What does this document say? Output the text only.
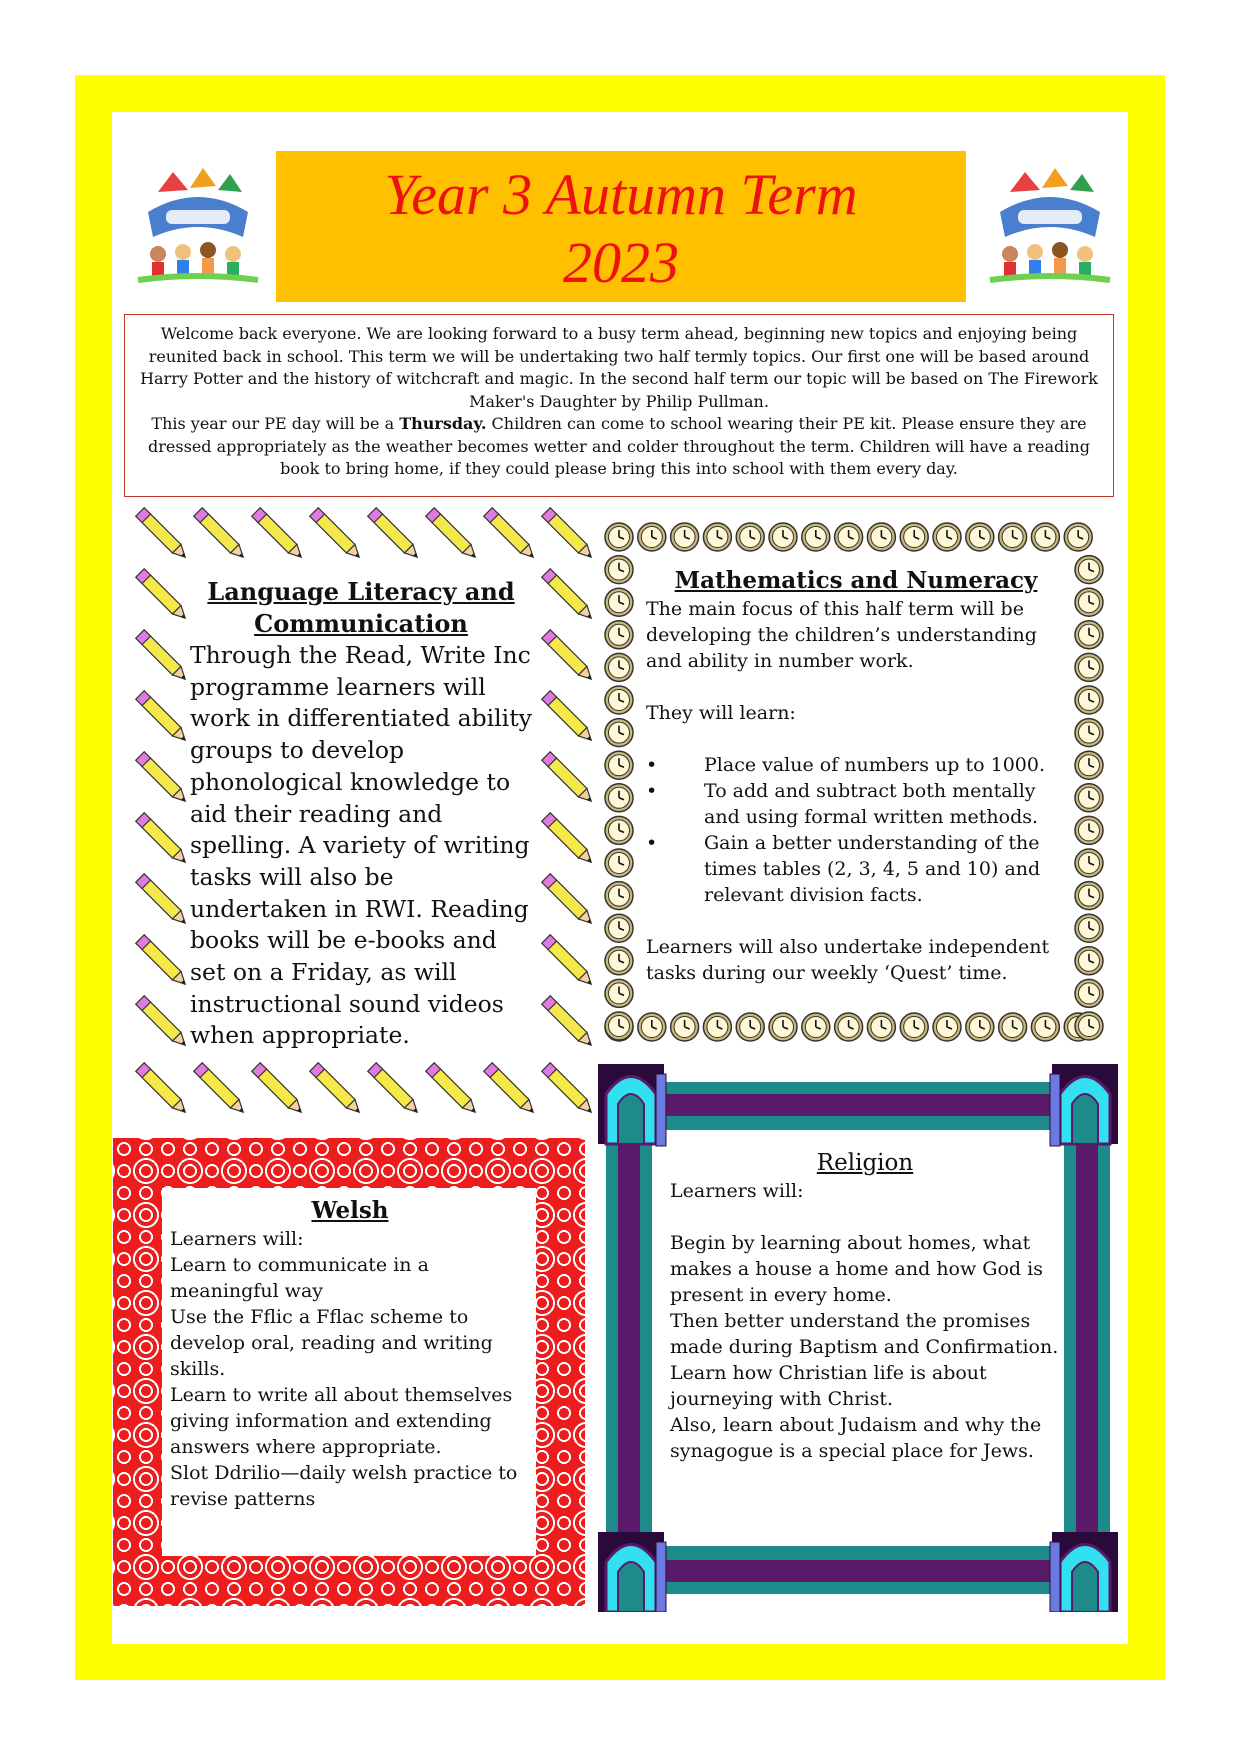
Year 3 Autumn Term
2023

Welcome back everyone. We are looking forward to a busy term ahead, beginning new topics and enjoying being reunited back in school. This term we will be undertaking two half termly topics. Our first one will be based around Harry Potter and the history of witchcraft and magic. In the second half term our topic will be based on The Firework Maker's Daughter by Philip Pullman.

This year our PE day will be a Thursday. Children can come to school wearing their PE kit. Please ensure they are dressed appropriately as the weather becomes wetter and colder throughout the term. Children will have a reading book to bring home, if they could please bring this into school with them every day.

Language Literacy and Communication

Through the Read, Write Inc programme learners will work in differentiated ability groups to develop phonological knowledge to aid their reading and spelling. A variety of writing tasks will also be undertaken in RWI. Reading books will be e-books and set on a Friday, as will instructional sound videos when appropriate.

Mathematics and Numeracy

The main focus of this half term will be developing the children’s understanding and ability in number work.

They will learn:

• Place value of numbers up to 1000.
• To add and subtract both mentally and using formal written methods.
• Gain a better understanding of the times tables (2, 3, 4, 5 and 10) and relevant division facts.

Learners will also undertake independent tasks during our weekly ‘Quest’ time.

Welsh

Learners will:

Learn to communicate in a meaningful way

Use the Fflic a Fflac scheme to develop oral, reading and writing skills.

Learn to write all about themselves giving information and extending answers where appropriate.

Slot Ddrilio—daily welsh practice to revise patterns

Religion

Learners will:

Begin by learning about homes, what makes a house a home and how God is present in every home.

Then better understand the promises made during Baptism and Confirmation.

Learn how Christian life is about journeying with Christ.

Also, learn about Judaism and why the synagogue is a special place for Jews.
